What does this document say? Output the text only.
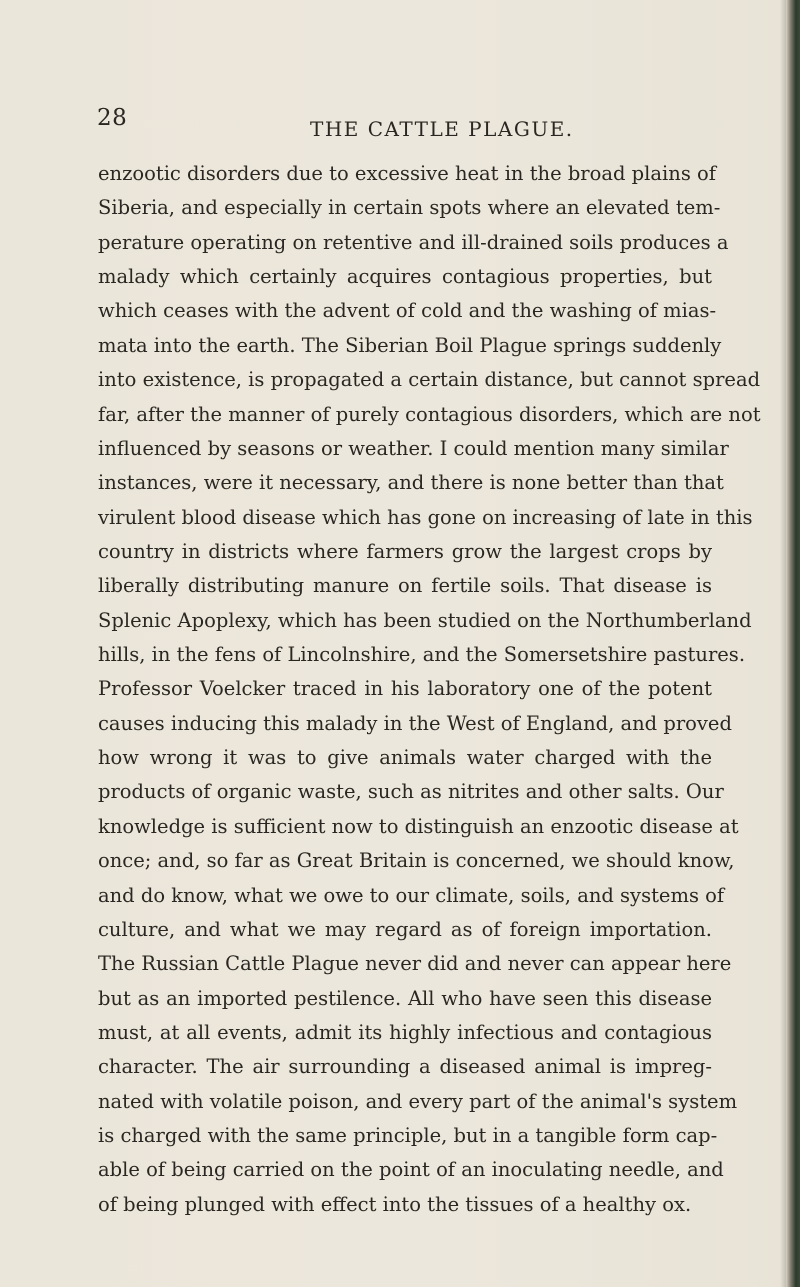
28	THE CATTLE PLAGUE.
enzootic disorders due to excessive heat in the broad plains of
Siberia, and especially in certain spots where an elevated tem-
perature operating on retentive and ill-drained soils produces a
malady which certainly acquires contagious properties, but
which ceases with the advent of cold and the washing of mias-
mata into the earth. The Siberian Boil Plague springs suddenly
into existence, is propagated a certain distance, but cannot spread
far, after the manner of purely contagious disorders, which are not
influenced by seasons or weather. I could mention many similar
instances, were it necessary, and there is none better than that
virulent blood disease which has gone on increasing of late in this
country in districts where farmers grow the largest crops by
liberally distributing manure on fertile soils. That disease is
Splenic Apoplexy, which has been studied on the Northumberland
hills, in the fens of Lincolnshire, and the Somersetshire pastures.
Professor Voelcker traced in his laboratory one of the potent
causes inducing this malady in the West of England, and proved
how wrong it was to give animals water charged with the
products of organic waste, such as nitrites and other salts. Our
knowledge is sufficient now to distinguish an enzootic disease at
once; and, so far as Great Britain is concerned, we should know,
and do know, what we owe to our climate, soils, and systems of
culture, and what we may regard as of foreign importation.
The Russian Cattle Plague never did and never can appear here
but as an imported pestilence. All who have seen this disease
must, at all events, admit its highly infectious and contagious
character. The air surrounding a diseased animal is impreg-
nated with volatile poison, and every part of the animal's system
is charged with the same principle, but in a tangible form cap-
able of being carried on the point of an inoculating needle, and
of being plunged with effect into the tissues of a healthy ox.
